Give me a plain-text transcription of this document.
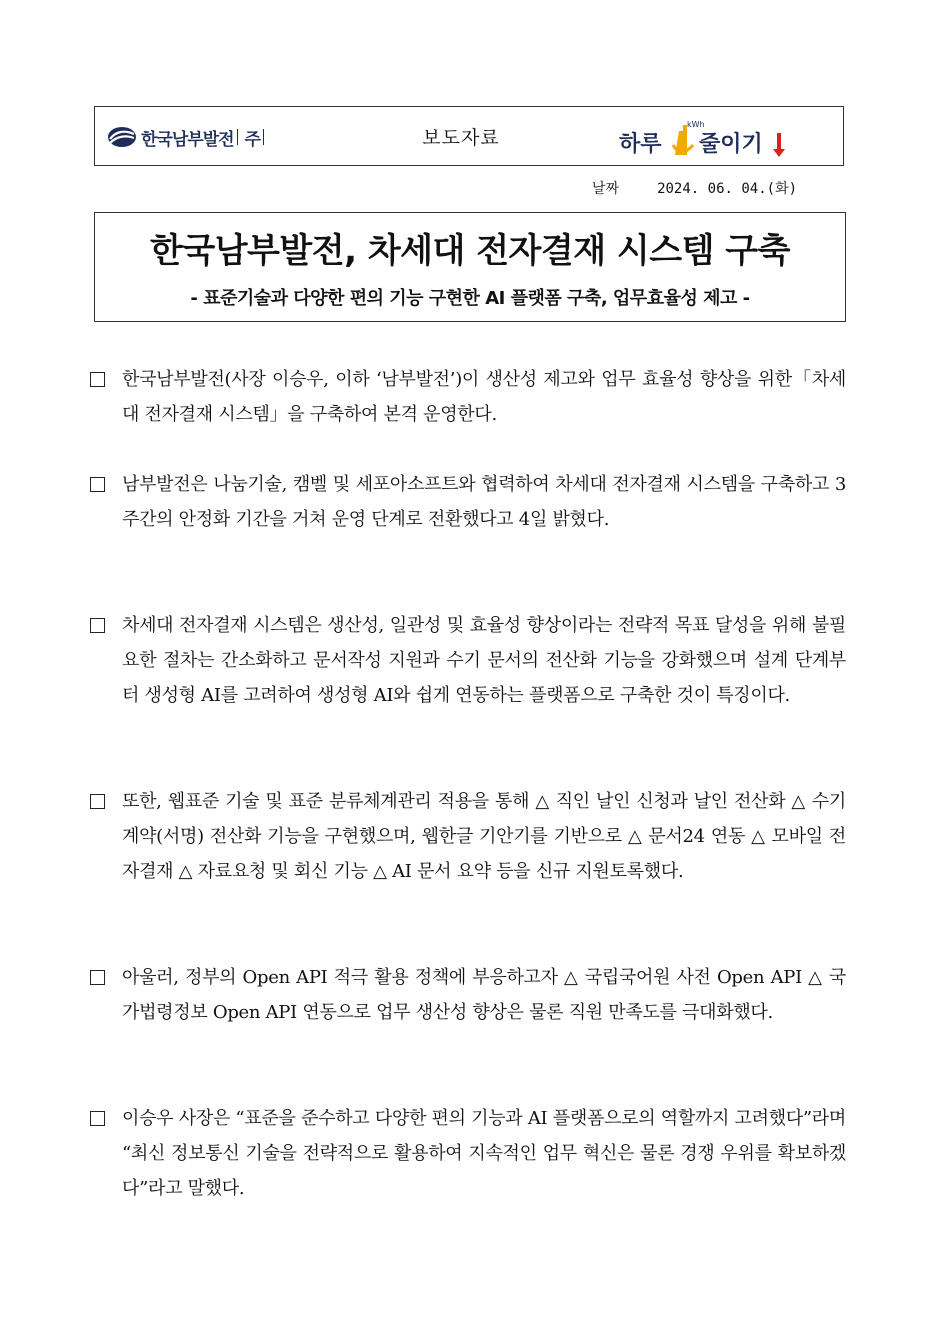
한국남부발전 주	보도자료	하루
kWh
줄이기
날짜	2024. 06. 04.(화)
한국남부발전, 차세대 전자결재 시스템 구축
- 표준기술과 다양한 편의 기능 구현한 AI 플랫폼 구축, 업무효율성 제고 -
한국남부발전(사장 이승우, 이하 ‘남부발전’)이 생산성 제고와 업무 효율성 향상을 위한「차세대 전자결재 시스템」을 구축하여 본격 운영한다.
남부발전은 나눔기술, 캠벨 및 세포아소프트와 협력하여 차세대 전자결재 시스템을 구축하고 3주간의 안정화 기간을 거쳐 운영 단계로 전환했다고 4일 밝혔다.
차세대 전자결재 시스템은 생산성, 일관성 및 효율성 향상이라는 전략적 목표 달성을 위해 불필요한 절차는 간소화하고 문서작성 지원과 수기 문서의 전산화 기능을 강화했으며 설계 단계부터 생성형 AI를 고려하여 생성형 AI와 쉽게 연동하는 플랫폼으로 구축한 것이 특징이다.
또한, 웹표준 기술 및 표준 분류체계관리 적용을 통해 △ 직인 날인 신청과 날인 전산화 △ 수기 계약(서명) 전산화 기능을 구현했으며, 웹한글 기안기를 기반으로 △ 문서24 연동 △ 모바일 전자결재 △ 자료요청 및 회신 기능 △ AI 문서 요약 등을 신규 지원토록했다.
아울러, 정부의 Open API 적극 활용 정책에 부응하고자 △ 국립국어원 사전 Open API △ 국가법령정보 Open API 연동으로 업무 생산성 향상은 물론 직원 만족도를 극대화했다.
이승우 사장은 “표준을 준수하고 다양한 편의 기능과 AI 플랫폼으로의 역할까지 고려했다”라며 “최신 정보통신 기술을 전략적으로 활용하여 지속적인 업무 혁신은 물론 경쟁 우위를 확보하겠다”라고 말했다.
